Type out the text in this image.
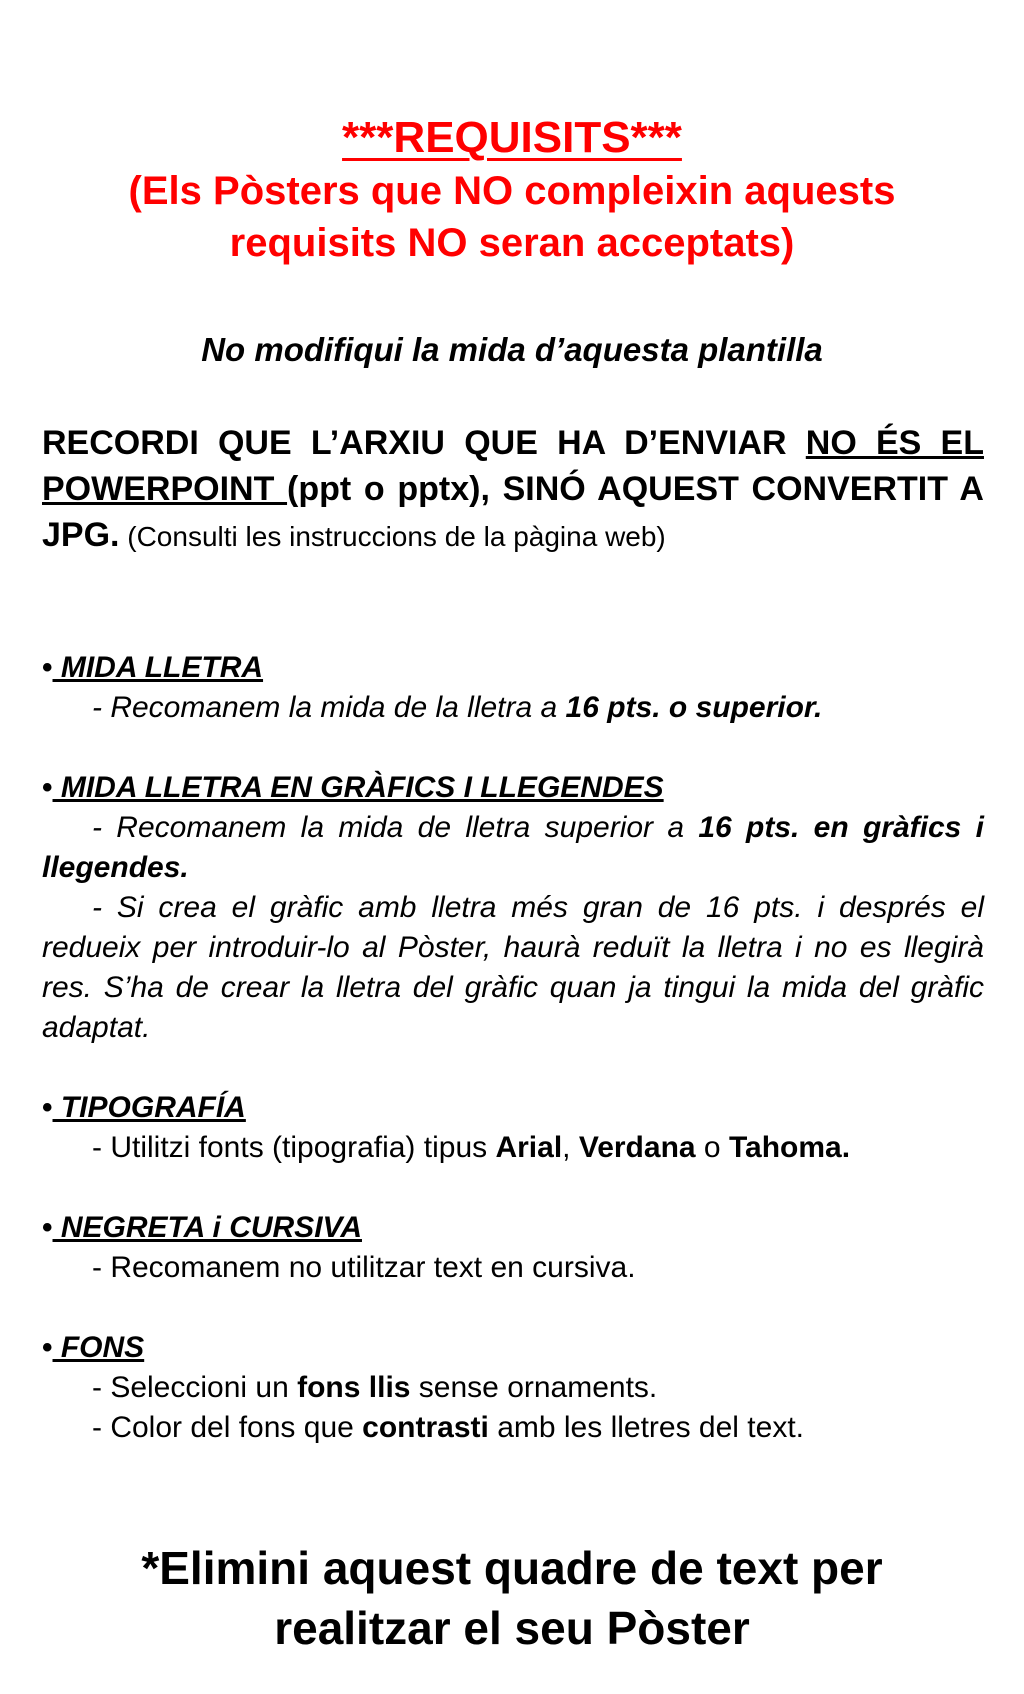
***REQUISITS***
(Els Pòsters que NO compleixin aquests
requisits NO seran acceptats)
No modifiqui la mida d’aquesta plantilla
RECORDI QUE L’ARXIU QUE HA D’ENVIAR NO ÉS EL POWERPOINT (ppt o pptx), SINÓ AQUEST CONVERTIT A JPG. (Consulti les instruccions de la pàgina web)
• MIDA LLETRA
- Recomanem la mida de la lletra a 16 pts. o superior.
• MIDA LLETRA EN GRÀFICS I LLEGENDES
- Recomanem la mida de lletra superior a 16 pts. en gràfics i llegendes.
- Si crea el gràfic amb lletra més gran de 16 pts. i després el redueix per introduir-lo al Pòster, haurà reduït la lletra i no es llegirà res. S’ha de crear la lletra del gràfic quan ja tingui la mida del gràfic adaptat.
• TIPOGRAFÍA
- Utilitzi fonts (tipografia) tipus Arial, Verdana o Tahoma.
• NEGRETA i CURSIVA
- Recomanem no utilitzar text en cursiva.
• FONS
- Seleccioni un fons llis sense ornaments.
- Color del fons que contrasti amb les lletres del text.
*Elimini aquest quadre de text per
realitzar el seu Pòster
